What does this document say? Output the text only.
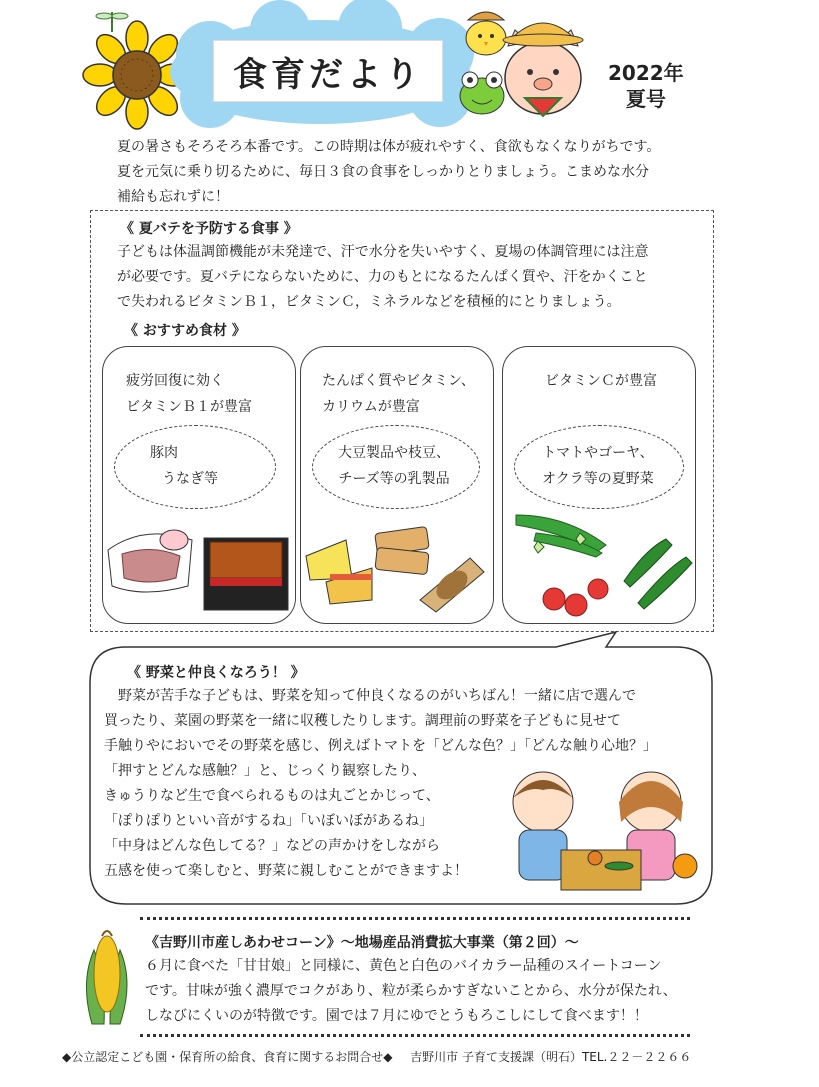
食育だより	2022年
夏号
夏の暑さもそろそろ本番です。この時期は体が疲れやすく、食欲もなくなりがちです。
夏を元気に乗り切るために、毎日３食の食事をしっかりとりましょう。こまめな水分
補給も忘れずに！
《 夏バテを予防する食事 》
子どもは体温調節機能が未発達で、汗で水分を失いやすく、夏場の体調管理には注意
が必要です。夏バテにならないために、力のもとになるたんぱく質や、汗をかくこと
で失われるビタミンＢ１，ビタミンＣ，ミネラルなどを積極的にとりましょう。
《 おすすめ食材 》
疲労回復に効く
ビタミンＢ１が豊富
豚肉
うなぎ等
たんぱく質やビタミン、
カリウムが豊富
大豆製品や枝豆、
チーズ等の乳製品
ビタミンＣが豊富
トマトやゴーヤ、
オクラ等の夏野菜
《 野菜と仲良くなろう！ 》
　野菜が苦手な子どもは、野菜を知って仲良くなるのがいちばん！一緒に店で選んで
買ったり、菜園の野菜を一緒に収穫したりします。調理前の野菜を子どもに見せて
手触りやにおいでその野菜を感じ、例えばトマトを「どんな色？」「どんな触り心地？」
「押すとどんな感触？」と、じっくり観察したり、
きゅうりなど生で食べられるものは丸ごとかじって、
「ぽりぽりといい音がするね」「いぼいぼがあるね」
「中身はどんな色してる？」などの声かけをしながら
五感を使って楽しむと、野菜に親しむことができますよ！
《吉野川市産しあわせコーン》～地場産品消費拡大事業（第２回）～
６月に食べた「甘甘娘」と同様に、黄色と白色のバイカラー品種のスイートコーン
です。甘味が強く濃厚でコクがあり、粒が柔らかすぎないことから、水分が保たれ、
しなびにくいのが特徴です。園では７月にゆでとうもろこしにして食べます！！
◆公立認定こども園・保育所の給食、食育に関するお問合せ◆ 吉野川市 子育て支援課（明石）TEL.２２－２２６６
